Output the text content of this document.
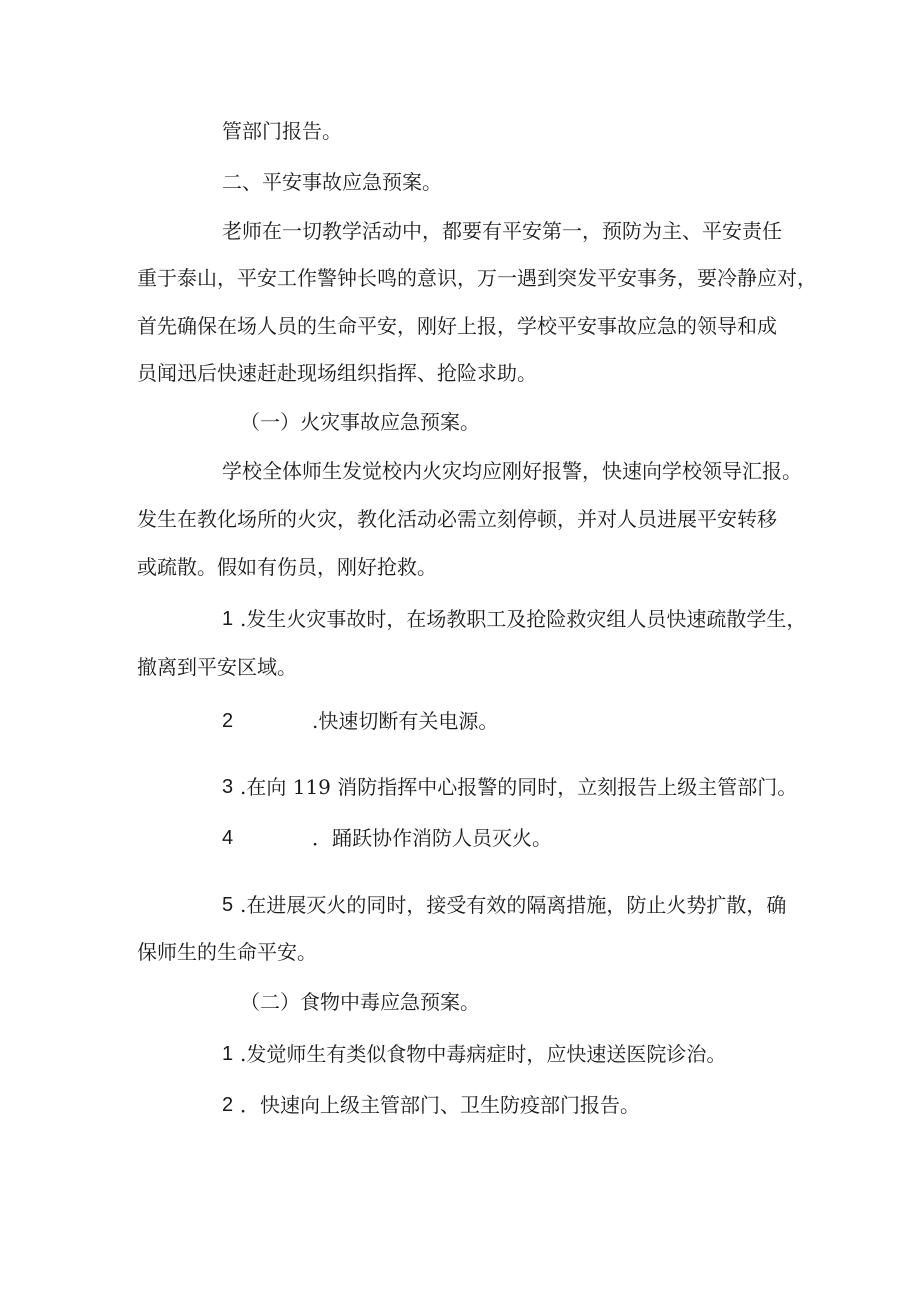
管部门报告。
二、平安事故应急预案。
老师在一切教学活动中，都要有平安第一，预防为主、平安责任
重于泰山，平安工作警钟长鸣的意识，万一遇到突发平安事务，要冷静应对，
首先确保在场人员的生命平安，刚好上报，学校平安事故应急的领导和成
员闻迅后快速赶赴现场组织指挥、抢险求助。
（一）火灾事故应急预案。
学校全体师生发觉校内火灾均应刚好报警，快速向学校领导汇报。
发生在教化场所的火灾，教化活动必需立刻停顿，并对人员进展平安转移
或疏散。假如有伤员，刚好抢救。
1 .发生火灾事故时，在场教职工及抢险救灾组人员快速疏散学生，
撤离到平安区域。
2	.快速切断有关电源。
3 .在向 119 消防指挥中心报警的同时，立刻报告上级主管部门。
4	．踊跃协作消防人员灭火。
5 .在进展灭火的同时，接受有效的隔离措施，防止火势扩散，确
保师生的生命平安。
（二）食物中毒应急预案。
1 .发觉师生有类似食物中毒病症时，应快速送医院诊治。
2 ．快速向上级主管部门、卫生防疫部门报告。
